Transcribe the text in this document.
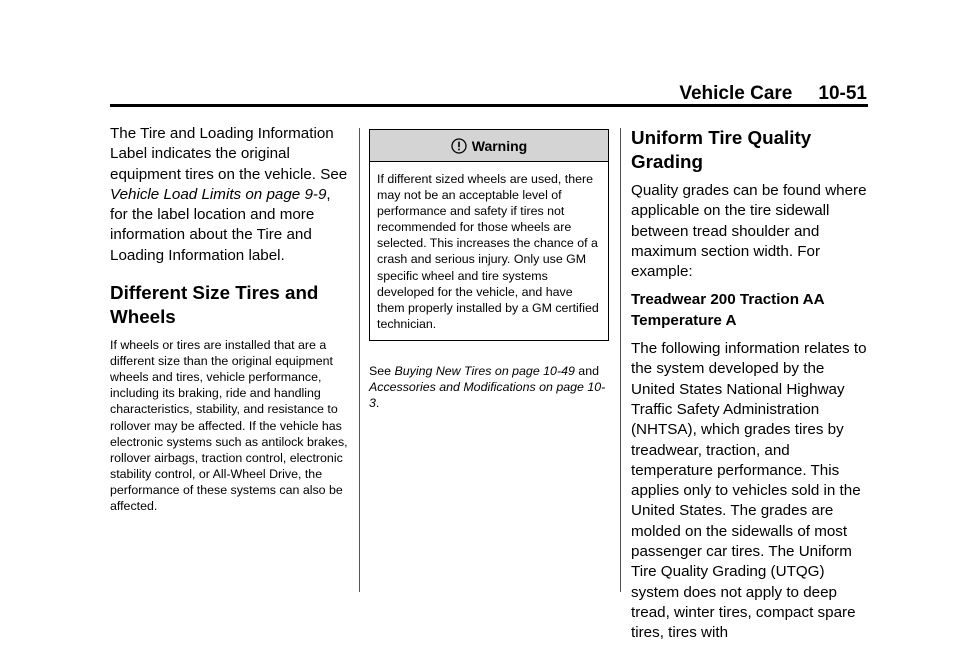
Vehicle Care 10-51

The Tire and Loading Information Label indicates the original equipment tires on the vehicle. See Vehicle Load Limits on page 9-9, for the label location and more information about the Tire and Loading Information label.

Different Size Tires and Wheels

If wheels or tires are installed that are a different size than the original equipment wheels and tires, vehicle performance, including its braking, ride and handling characteristics, stability, and resistance to rollover may be affected. If the vehicle has electronic systems such as antilock brakes, rollover airbags, traction control, electronic stability control, or All-Wheel Drive, the performance of these systems can also be affected.

Warning
If different sized wheels are used, there may not be an acceptable level of performance and safety if tires not recommended for those wheels are selected. This increases the chance of a crash and serious injury. Only use GM specific wheel and tire systems developed for the vehicle, and have them properly installed by a GM certified technician.

See Buying New Tires on page 10-49 and Accessories and Modifications on page 10-3.

Uniform Tire Quality Grading

Quality grades can be found where applicable on the tire sidewall between tread shoulder and maximum section width. For example:

Treadwear 200 Traction AA Temperature A

The following information relates to the system developed by the United States National Highway Traffic Safety Administration (NHTSA), which grades tires by treadwear, traction, and temperature performance. This applies only to vehicles sold in the United States. The grades are molded on the sidewalls of most passenger car tires. The Uniform Tire Quality Grading (UTQG) system does not apply to deep tread, winter tires, compact spare tires, tires with
